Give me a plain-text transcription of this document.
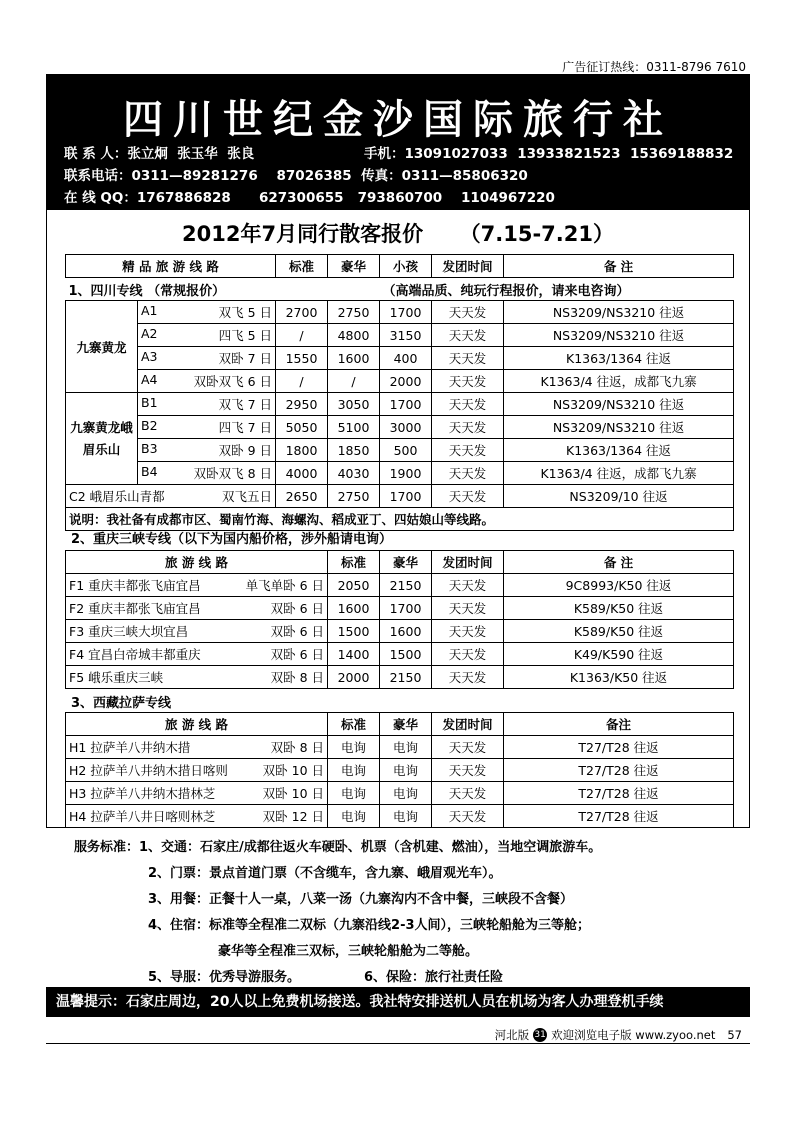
广告征订热线：0311-8796 7610
四川世纪金沙国际旅行社
联 系 人：张立炯  张玉华  张良	手机：13091027033  13933821523  15369188832
联系电话：0311—89281276    87026385  传真：0311—85806320
在 线 QQ：1767886828      627300655   793860700    1104967220
2012年7月同行散客报价     （7.15-7.21）
精 品 旅 游 线 路		标准	豪华	小孩	发团时间	备 注
1、四川专线 （常规报价）				（高端品质、纯玩行程报价，请来电咨询）		
九寨黄龙	A1 双飞 5 日	2700	2750	1700	天天发	NS3209/NS3210 往返

	A2 四飞 5 日	/	4800	3150	天天发	NS3209/NS3210 往返

	A3 双卧 7 日	1550	1600	400	天天发	K1363/1364 往返

	A4 双卧双飞 6 日	/	/	2000	天天发	K1363/4 往返，成都飞九寨
九寨黄龙峨眉乐山	B1 双飞 7 日	2950	3050	1700	天天发	NS3209/NS3210 往返

	B2 四飞 7 日	5050	5100	3000	天天发	NS3209/NS3210 往返

	B3 双卧 9 日	1800	1850	500	天天发	K1363/1364 往返

	B4 双卧双飞 8 日	4000	4030	1900	天天发	K1363/4 往返，成都飞九寨

C2 峨眉乐山青都 双飞五日		2650	2750	1700	天天发	NS3209/10 往返
说明：我社备有成都市区、蜀南竹海、海螺沟、稻成亚丁、四姑娘山等线路。						
2、重庆三峡专线（以下为国内船价格，涉外船请电询）
旅 游 线 路	标准	豪华	发团时间	备 注

F1 重庆丰都张飞庙宜昌 单飞单卧 6 日	2050	2150	天天发	9C8993/K50 往返

F2 重庆丰都张飞庙宜昌 双卧 6 日	1600	1700	天天发	K589/K50 往返

F3 重庆三峡大坝宜昌 双卧 6 日	1500	1600	天天发	K589/K50 往返

F4 宜昌白帝城丰都重庆 双卧 6 日	1400	1500	天天发	K49/K590 往返

F5 峨乐重庆三峡 双卧 8 日	2000	2150	天天发	K1363/K50 往返
3、西藏拉萨专线
旅 游 线 路	标准	豪华	发团时间	备注

H1 拉萨羊八井纳木措 双卧 8 日	电询	电询	天天发	T27/T28 往返

H2 拉萨羊八井纳木措日喀则 双卧 10 日	电询	电询	天天发	T27/T28 往返

H3 拉萨羊八井纳木措林芝 双卧 10 日	电询	电询	天天发	T27/T28 往返

H4 拉萨羊八井日喀则林芝 双卧 12 日	电询	电询	天天发	T27/T28 往返
服务标准：1、交通：石家庄/成都往返火车硬卧、机票（含机建、燃油），当地空调旅游车。
2、门票：景点首道门票（不含缆车，含九寨、峨眉观光车）。
3、用餐：正餐十人一桌，八菜一汤（九寨沟内不含中餐，三峡段不含餐）
4、住宿：标准等全程准二双标（九寨沿线2-3人间），三峡轮船舱为三等舱；
豪华等全程准三双标，三峡轮船舱为二等舱。
5、导服：优秀导游服务。	6、保险：旅行社责任险
温馨提示：石家庄周边，20人以上免费机场接送。我社特安排送机人员在机场为客人办理登机手续
河北版 31 欢迎浏览电子版 www.zyoo.net 57
